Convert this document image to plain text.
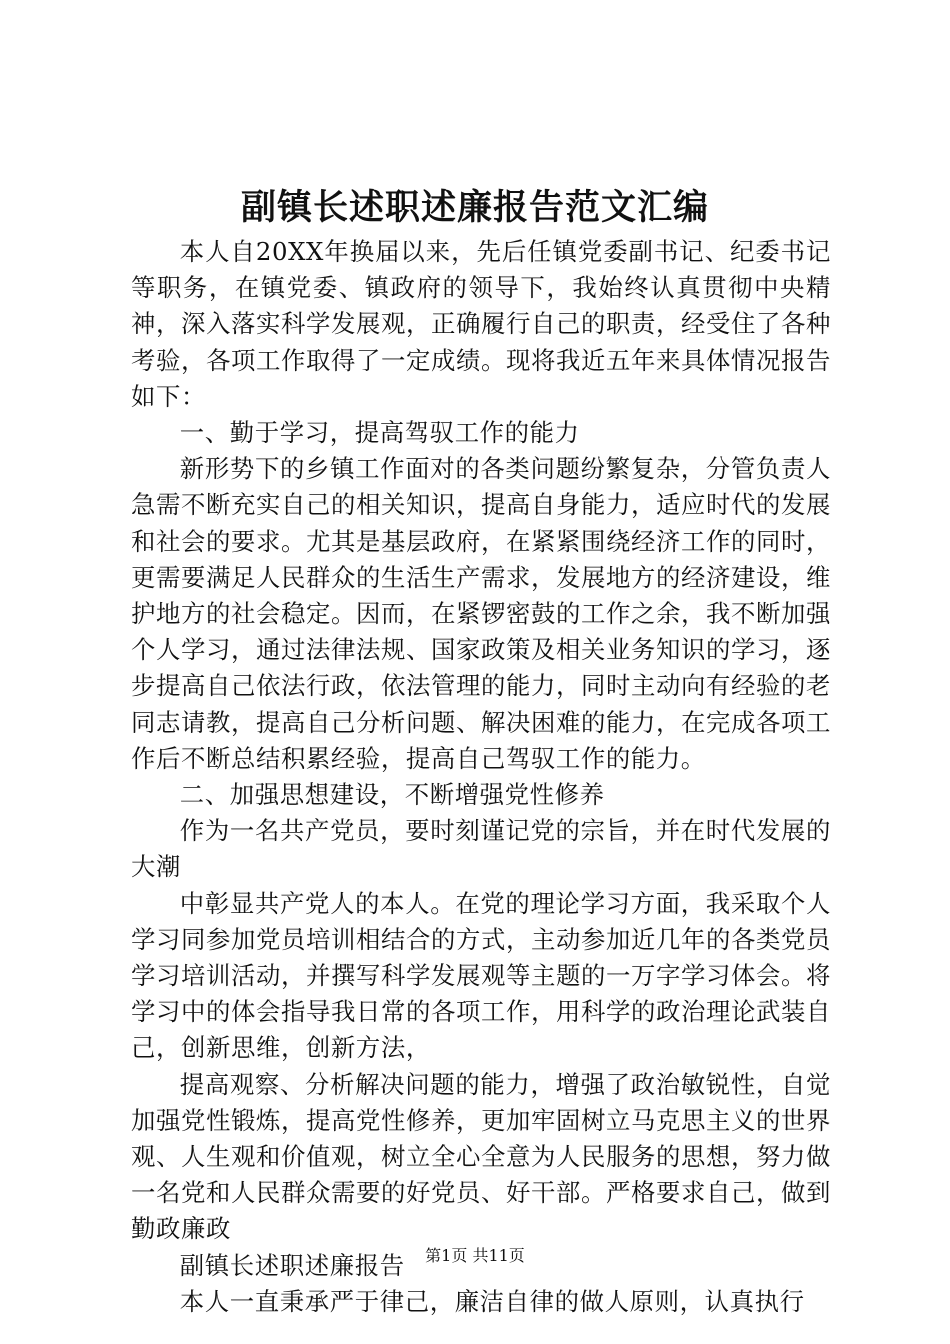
副镇长述职述廉报告范文汇编

本人自20XX年换届以来，先后任镇党委副书记、纪委书记等职务，在镇党委、镇政府的领导下，我始终认真贯彻中央精神，深入落实科学发展观，正确履行自己的职责，经受住了各种考验，各项工作取得了一定成绩。现将我近五年来具体情况报告如下：

一、勤于学习，提高驾驭工作的能力

新形势下的乡镇工作面对的各类问题纷繁复杂，分管负责人急需不断充实自己的相关知识，提高自身能力，适应时代的发展和社会的要求。尤其是基层政府，在紧紧围绕经济工作的同时，更需要满足人民群众的生活生产需求，发展地方的经济建设，维护地方的社会稳定。因而，在紧锣密鼓的工作之余，我不断加强个人学习，通过法律法规、国家政策及相关业务知识的学习，逐步提高自己依法行政，依法管理的能力，同时主动向有经验的老同志请教，提高自己分析问题、解决困难的能力，在完成各项工作后不断总结积累经验，提高自己驾驭工作的能力。

二、加强思想建设，不断增强党性修养

作为一名共产党员，要时刻谨记党的宗旨，并在时代发展的大潮

中彰显共产党人的本人。在党的理论学习方面，我采取个人学习同参加党员培训相结合的方式，主动参加近几年的各类党员学习培训活动，并撰写科学发展观等主题的一万字学习体会。将学习中的体会指导我日常的各项工作，用科学的政治理论武装自己，创新思维，创新方法，

提高观察、分析解决问题的能力，增强了政治敏锐性，自觉加强党性锻炼，提高党性修养，更加牢固树立马克思主义的世界观、人生观和价值观，树立全心全意为人民服务的思想，努力做一名党和人民群众需要的好党员、好干部。严格要求自己，做到勤政廉政

副镇长述职述廉报告

本人一直秉承严于律己，廉洁自律的做人原则，认真执行

第1页 共11页
